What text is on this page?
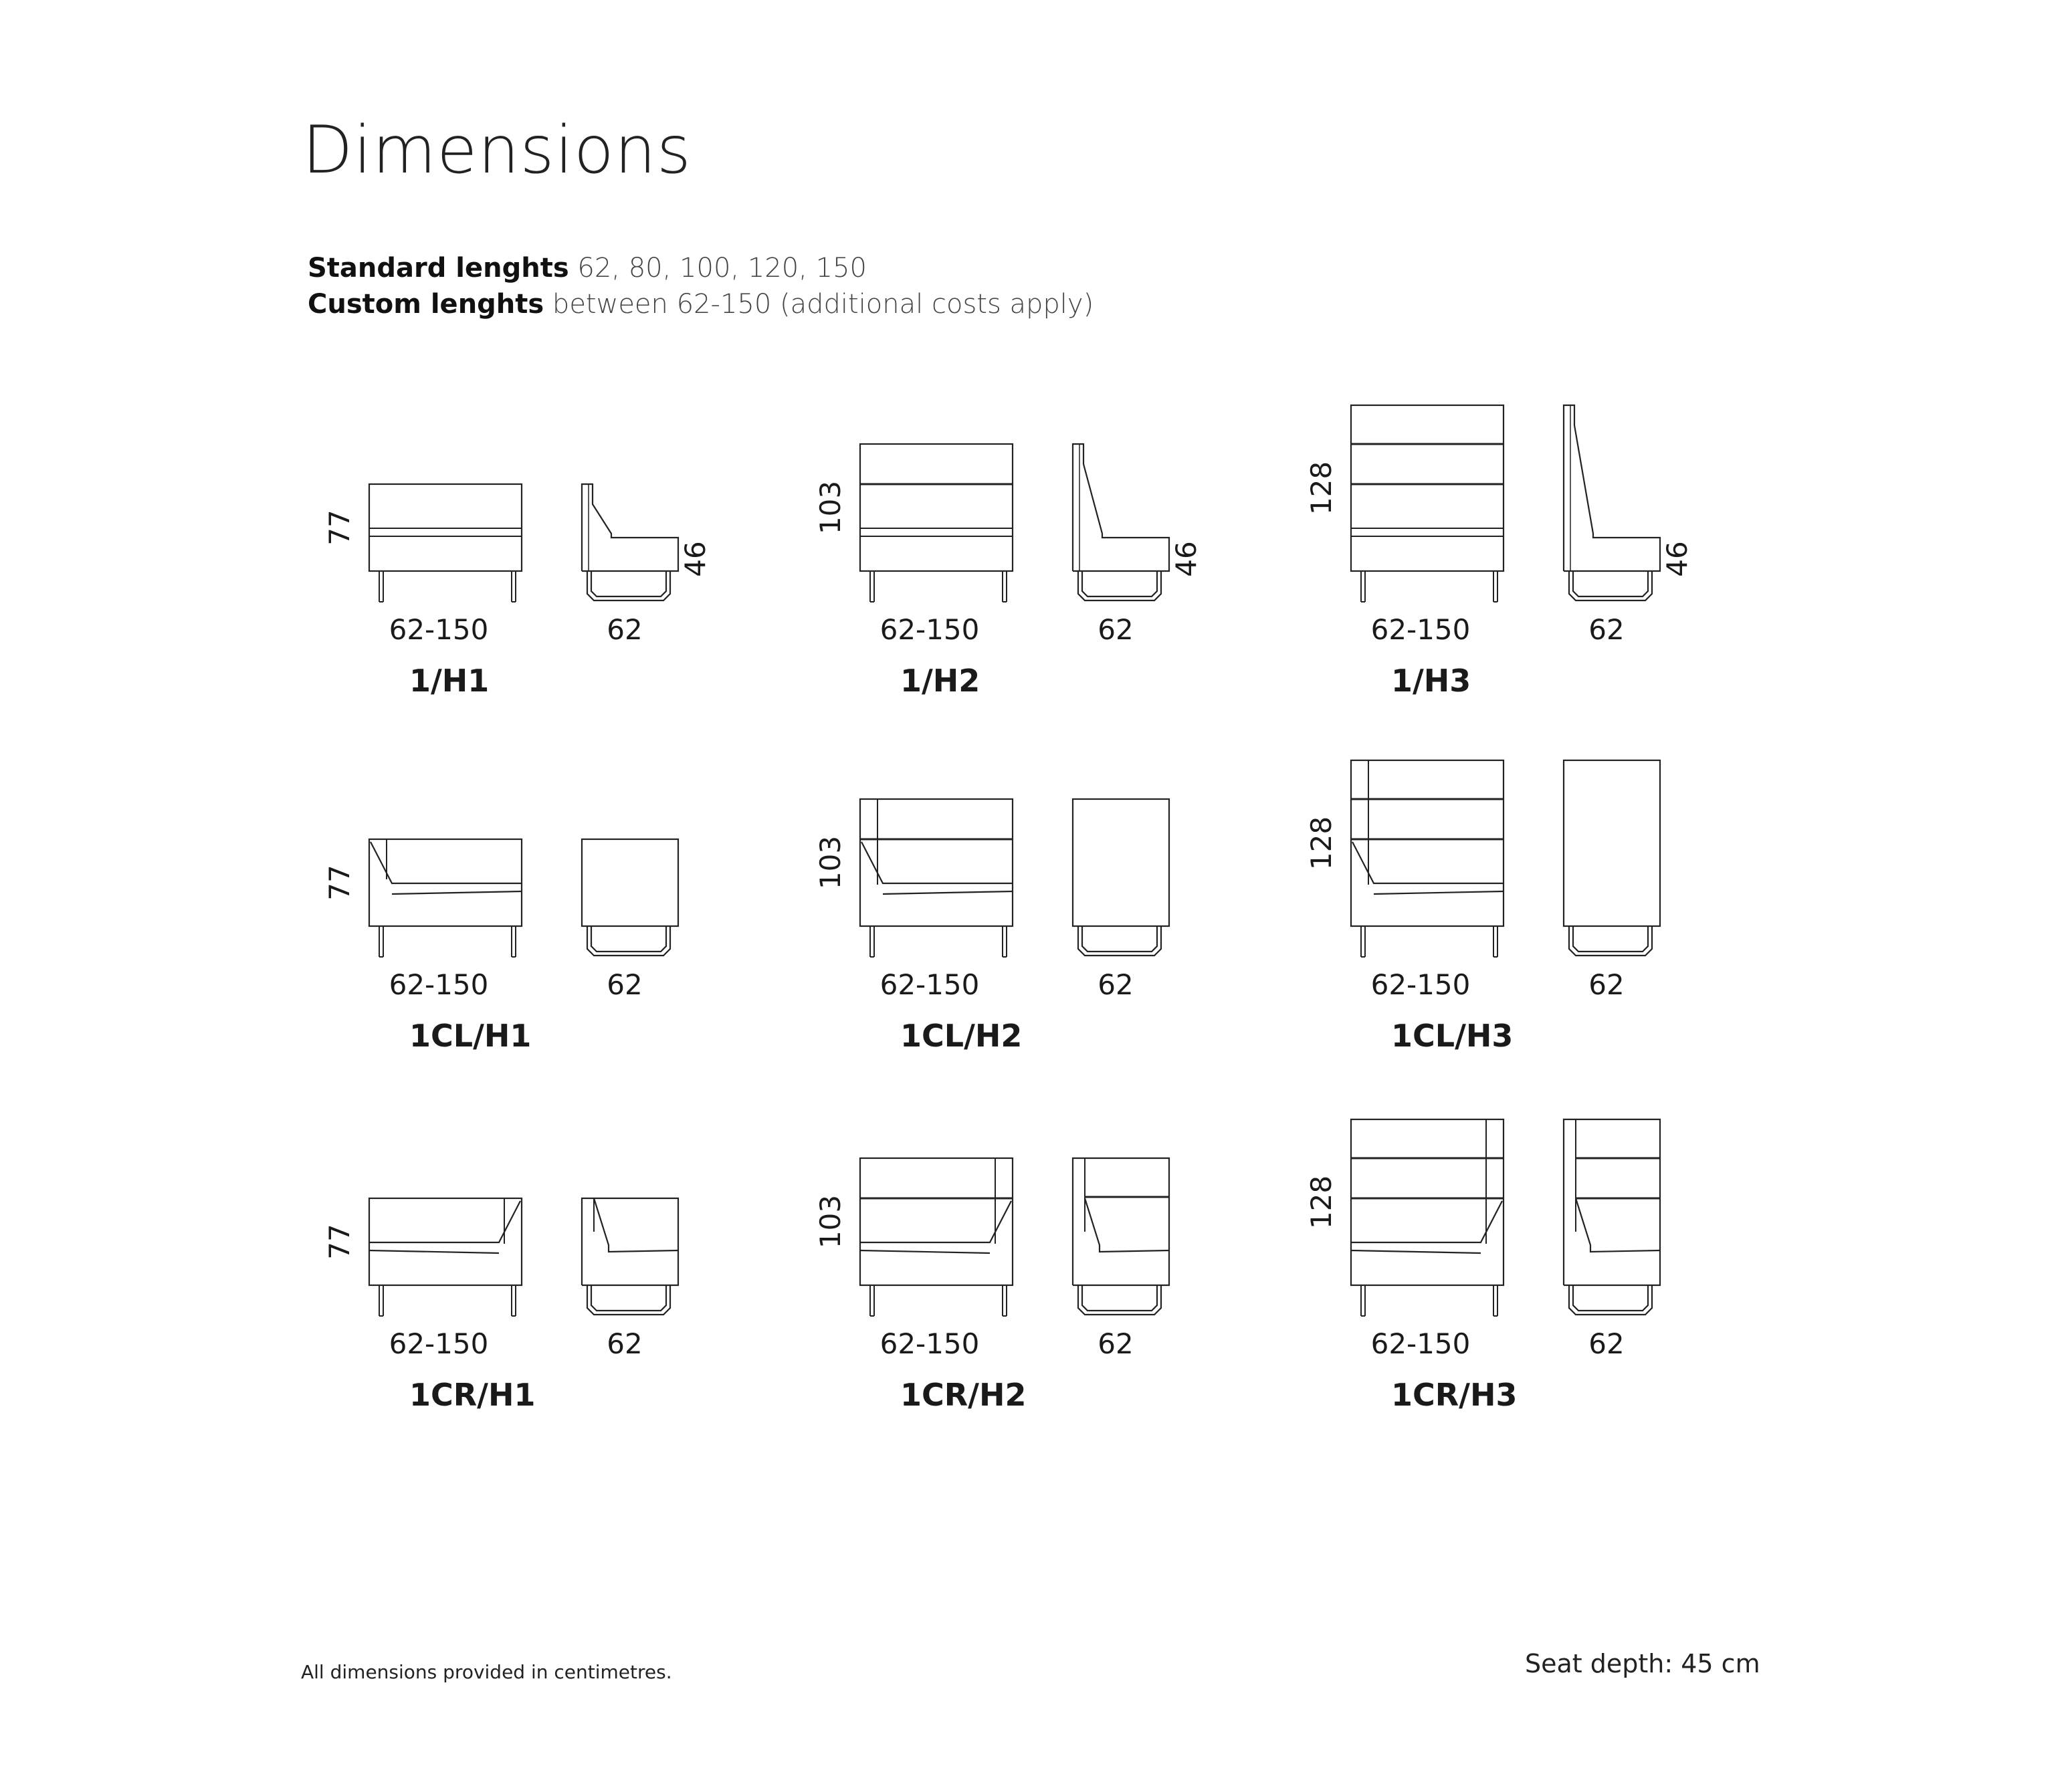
Dimensions
Standard lenghts 62, 80, 100, 120, 150
Custom lenghts between 62-150 (additional costs apply)
46
77
62-150	62
1/H1
46
103
62-150	62
1/H2
46
128
62-150	62
1/H3
77
62-150	62
1CL/H1
103
62-150	62
1CL/H2
128
62-150	62
1CL/H3
77
62-150	62
1CR/H1
103
62-150	62
1CR/H2
128
62-150	62
1CR/H3
All dimensions provided in centimetres.	Seat depth: 45 cm
